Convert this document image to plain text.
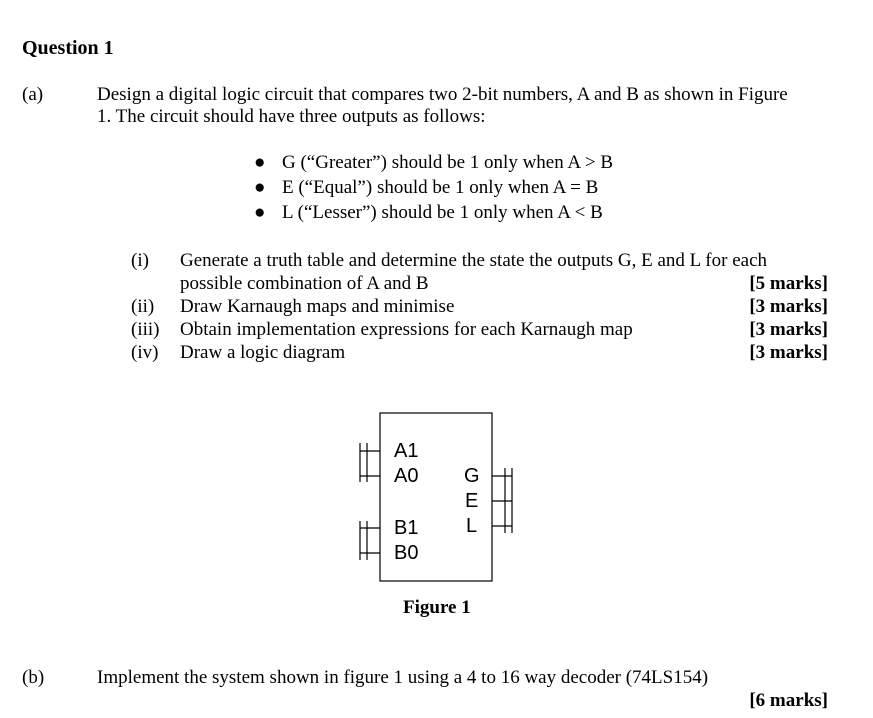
Question 1
(a)	Design a digital logic circuit that compares two 2-bit numbers, A and B as shown in Figure
1. The circuit should have three outputs as follows:
● G (“Greater”) should be 1 only when A > B
● E (“Equal”) should be 1 only when A = B
● L (“Lesser”) should be 1 only when A < B
(i) Generate a truth table and determine the state the outputs G, E and L for each
possible combination of A and B	[5 marks]
(ii) Draw Karnaugh maps and minimise	[3 marks]
(iii) Obtain implementation expressions for each Karnaugh map	[3 marks]
(iv) Draw a logic diagram	[3 marks]
A1
A0
B1
B0
G
E
L
Figure 1
(b)	Implement the system shown in figure 1 using a 4 to 16 way decoder (74LS154)
[6 marks]
